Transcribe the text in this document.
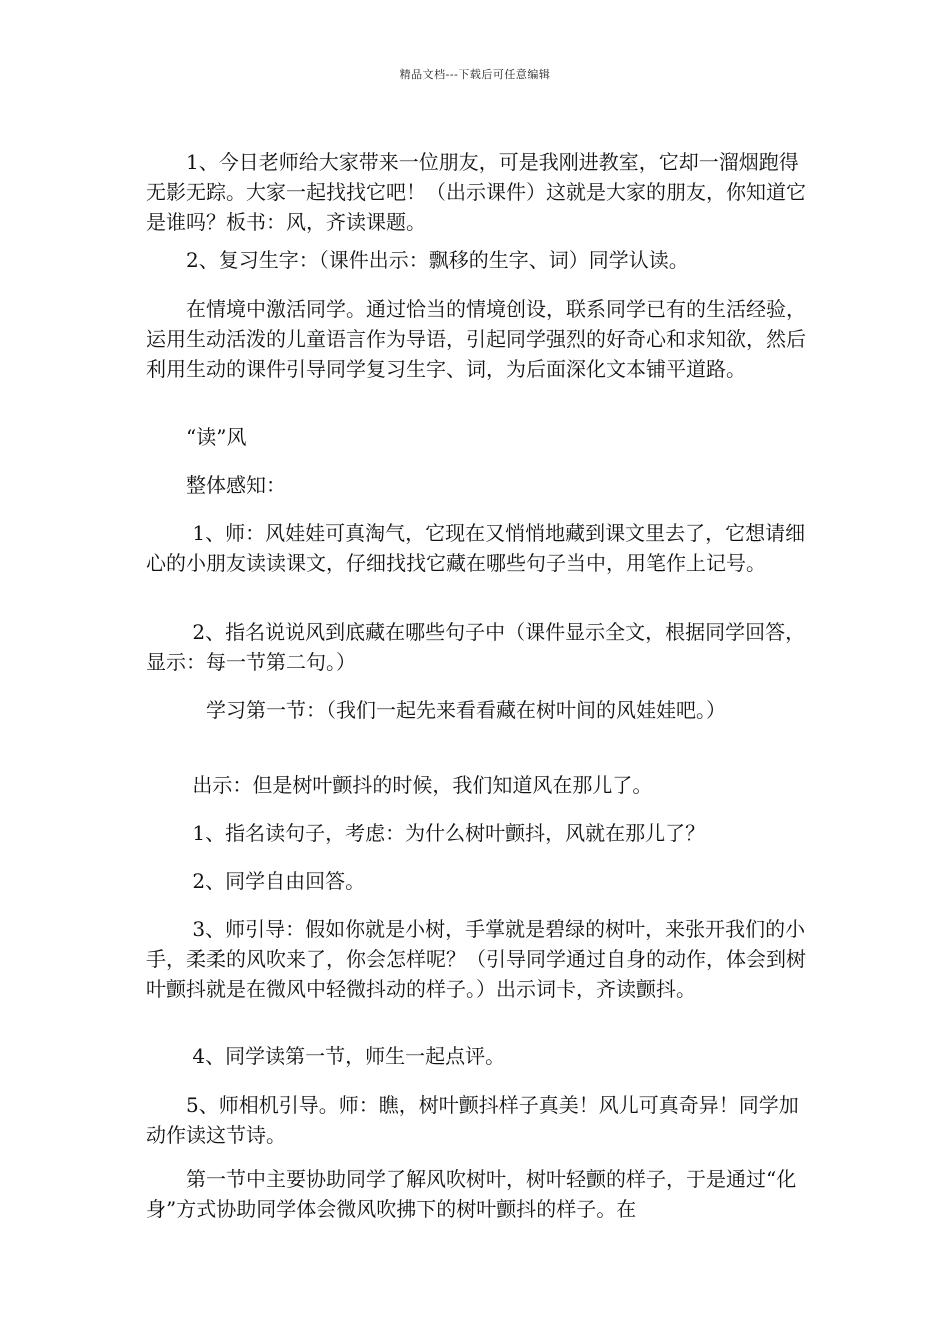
精品文档---下载后可任意编辑

　　1、今日老师给大家带来一位朋友，可是我刚进教室，它却一溜烟跑得无影无踪。大家一起找找它吧！（出示课件）这就是大家的朋友，你知道它是谁吗？板书：风，齐读课题。

　　2、复习生字：（课件出示：飘移的生字、词）同学认读。

　　在情境中激活同学。通过恰当的情境创设，联系同学已有的生活经验，运用生动活泼的儿童语言作为导语，引起同学强烈的好奇心和求知欲，然后利用生动的课件引导同学复习生字、词，为后面深化文本铺平道路。

　　“读”风

　　整体感知：

　　 1、师：风娃娃可真淘气，它现在又悄悄地藏到课文里去了，它想请细心的小朋友读读课文，仔细找找它藏在哪些句子当中，用笔作上记号。

　　 2、指名说说风到底藏在哪些句子中（课件显示全文，根据同学回答，显示：每一节第二句。）

　　　学习第一节：（我们一起先来看看藏在树叶间的风娃娃吧。）

　　 出示：但是树叶颤抖的时候，我们知道风在那儿了。

　　 1、指名读句子，考虑：为什么树叶颤抖，风就在那儿了？

　　 2、同学自由回答。

　　 3、师引导：假如你就是小树，手掌就是碧绿的树叶，来张开我们的小手，柔柔的风吹来了，你会怎样呢？（引导同学通过自身的动作，体会到树叶颤抖就是在微风中轻微抖动的样子。）出示词卡，齐读颤抖。

　　 4、同学读第一节，师生一起点评。

　　5、师相机引导。师：瞧，树叶颤抖样子真美！风儿可真奇异！同学加动作读这节诗。

　　第一节中主要协助同学了解风吹树叶，树叶轻颤的样子，于是通过“化身”方式协助同学体会微风吹拂下的树叶颤抖的样子。在
